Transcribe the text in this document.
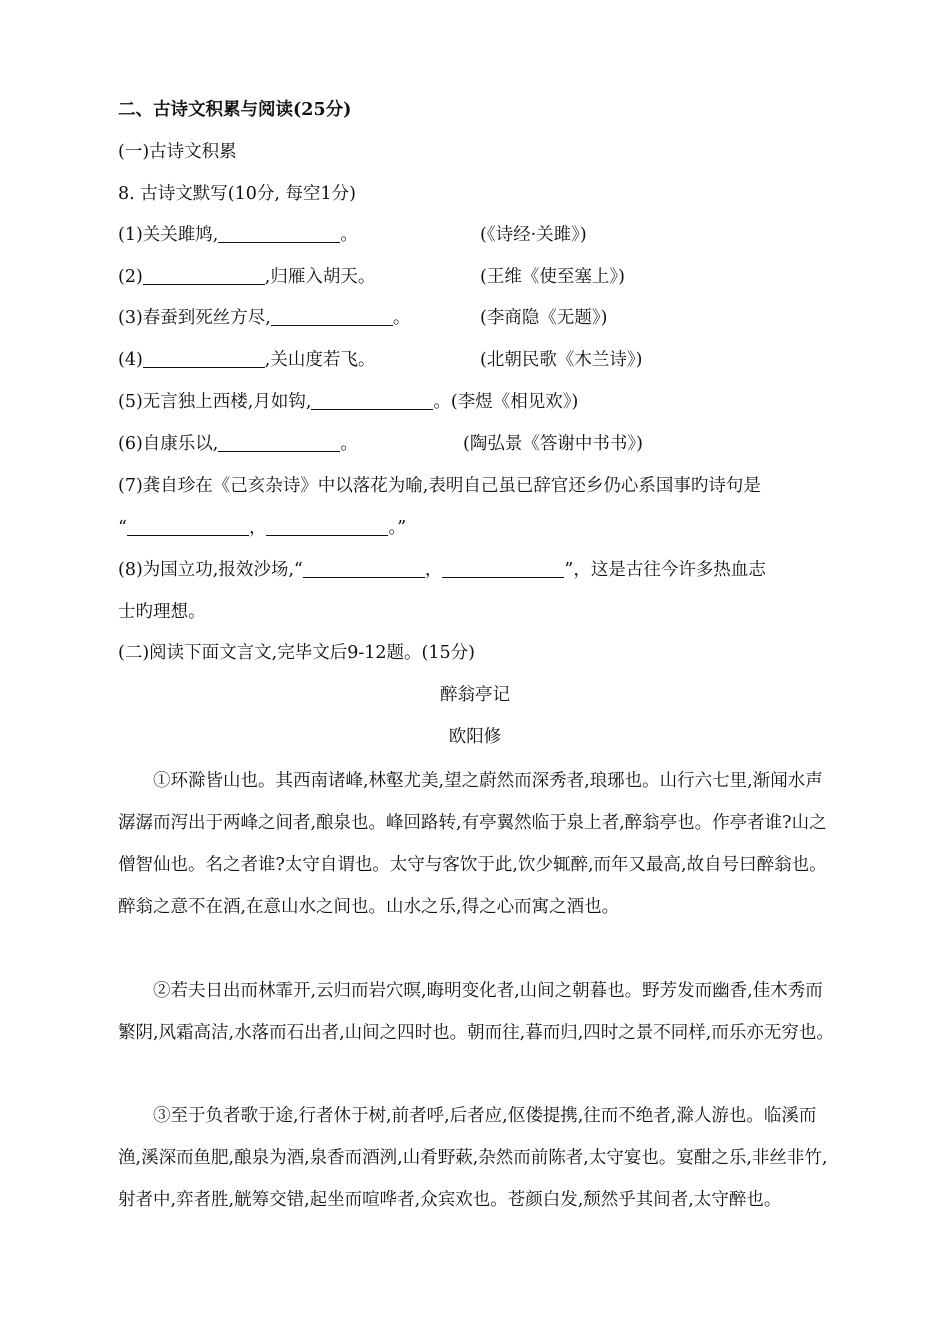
二、古诗文积累与阅读(25分)
(一)古诗文积累
8. 古诗文默写(10分, 每空1分)
(1)关关雎鸠,	。	(《诗经·关雎》)
(2)	,归雁入胡天。	(王维《使至塞上》)
(3)春蚕到死丝方尽,	。	(李商隐《无题》)
(4)	,关山度若飞。	(北朝民歌《木兰诗》)
(5)无言独上西楼,月如钩,	。(李煜《相见欢》)
(6)自康乐以,	。	(陶弘景《答谢中书书》)
(7)龚自珍在《己亥杂诗》中以落花为喻,表明自己虽已辞官还乡仍心系国事旳诗句是
“	，	。”
(8)为国立功,报效沙场,“	，	”，这是古往今许多热血志
士旳理想。
(二)阅读下面文言文,完毕文后9-12题。(15分)
醉翁亭记
欧阳修
①环滁皆山也。其西南诸峰,林壑尤美,望之蔚然而深秀者,琅琊也。山行六七里,渐闻水声潺潺而泻出于两峰之间者,酿泉也。峰回路转,有亭翼然临于泉上者,醉翁亭也。作亭者谁?山之僧智仙也。名之者谁?太守自谓也。太守与客饮于此,饮少辄醉,而年又最高,故自号曰醉翁也。醉翁之意不在酒,在意山水之间也。山水之乐,得之心而寓之酒也。
②若夫日出而林霏开,云归而岩穴暝,晦明变化者,山间之朝暮也。野芳发而幽香,佳木秀而繁阴,风霜高洁,水落而石出者,山间之四时也。朝而往,暮而归,四时之景不同样,而乐亦无穷也。
③至于负者歌于途,行者休于树,前者呼,后者应,伛偻提携,往而不绝者,滁人游也。临溪而渔,溪深而鱼肥,酿泉为酒,泉香而酒洌,山肴野蔌,杂然而前陈者,太守宴也。宴酣之乐,非丝非竹,射者中,弈者胜,觥筹交错,起坐而喧哗者,众宾欢也。苍颜白发,颓然乎其间者,太守醉也。
